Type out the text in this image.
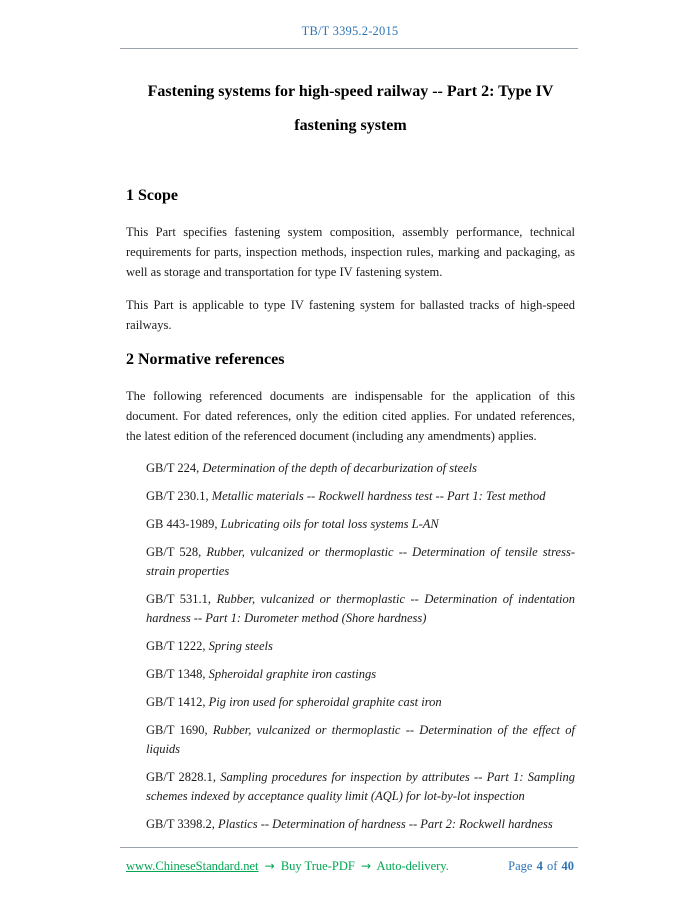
TB/T 3395.2-2015
Fastening systems for high-speed railway -- Part 2: Type IV
fastening system
1 Scope

This Part specifies fastening system composition, assembly performance, technical requirements for parts, inspection methods, inspection rules, marking and packaging, as well as storage and transportation for type IV fastening system.

This Part is applicable to type IV fastening system for ballasted tracks of high-speed railways.

2 Normative references

The following referenced documents are indispensable for the application of this document. For dated references, only the edition cited applies. For undated references, the latest edition of the referenced document (including any amendments) applies.

GB/T 224, Determination of the depth of decarburization of steels
GB/T 230.1, Metallic materials -- Rockwell hardness test -- Part 1: Test method
GB 443-1989, Lubricating oils for total loss systems L-AN
GB/T 528, Rubber, vulcanized or thermoplastic -- Determination of tensile stress-strain properties
GB/T 531.1, Rubber, vulcanized or thermoplastic -- Determination of indentation hardness -- Part 1: Durometer method (Shore hardness)
GB/T 1222, Spring steels
GB/T 1348, Spheroidal graphite iron castings
GB/T 1412, Pig iron used for spheroidal graphite cast iron
GB/T 1690, Rubber, vulcanized or thermoplastic -- Determination of the effect of liquids
GB/T 2828.1, Sampling procedures for inspection by attributes -- Part 1: Sampling schemes indexed by acceptance quality limit (AQL) for lot-by-lot inspection
GB/T 3398.2, Plastics -- Determination of hardness -- Part 2: Rockwell hardness
www.ChineseStandard.net → Buy True-PDF → Auto-delivery.	Page 4 of 40
